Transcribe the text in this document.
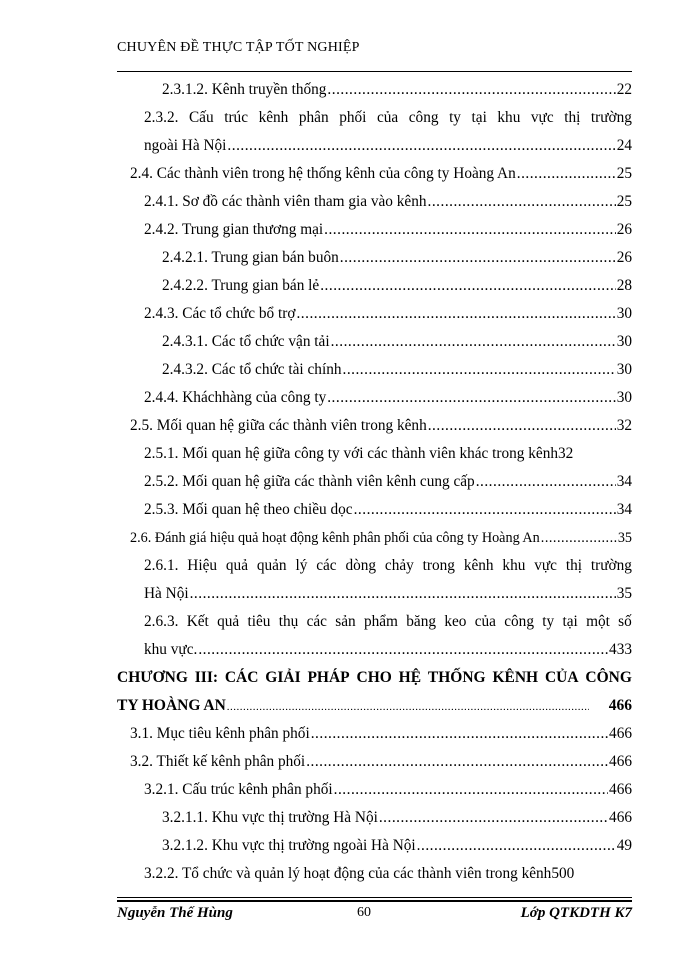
CHUYÊN ĐỀ THỰC TẬP TỐT NGHIỆP
2.3.1.2. Kênh truyền thống .....	22
2.3.2. Cấu trúc kênh phân phối của công ty tại khu vực thị trường
ngoài Hà Nội .....	24
2.4. Các thành viên trong hệ thống kênh của công ty Hoàng An .....	25
2.4.1. Sơ đồ các thành viên tham gia vào kênh .....	25
2.4.2. Trung gian thương mại .....	26
2.4.2.1. Trung gian bán buôn .....	26
2.4.2.2. Trung gian bán lẻ .....	28
2.4.3. Các tổ chức bổ trợ .....	30
2.4.3.1. Các tổ chức vận tải .....	30
2.4.3.2. Các tổ chức tài chính .....	30
2.4.4. Kháchhàng của công ty .....	30
2.5. Mối quan hệ giữa các thành viên trong kênh .....	32
2.5.1. Mối quan hệ giữa công ty với các thành viên khác trong kênh 32
2.5.2. Mối quan hệ giữa các thành viên kênh cung cấp .....	34
2.5.3. Mối quan hệ theo chiều dọc .....	34
2.6. Đánh giá hiệu quả hoạt động kênh phân phối của công ty Hoàng An .....	35
2.6.1. Hiệu quả quản lý các dòng chảy trong kênh khu vực thị trường
Hà Nội .....	35
2.6.3. Kết quả tiêu thụ các sản phẩm băng keo của công ty tại một số
khu vực. .....	433
CHƯƠNG III: CÁC GIẢI PHÁP CHO HỆ THỐNG KÊNH CỦA CÔNG
TY HOÀNG AN .....	466
3.1. Mục tiêu kênh phân phối .....	466
3.2. Thiết kế kênh phân phối .....	466
3.2.1. Cấu trúc kênh phân phối .....	466
3.2.1.1. Khu vực thị trường Hà Nội .....	466
3.2.1.2. Khu vực thị trường ngoài Hà Nội .....	49
3.2.2. Tổ chức và quản lý hoạt động của các thành viên trong kênh 500
Nguyễn Thế Hùng	60	Lớp QTKDTH K7
